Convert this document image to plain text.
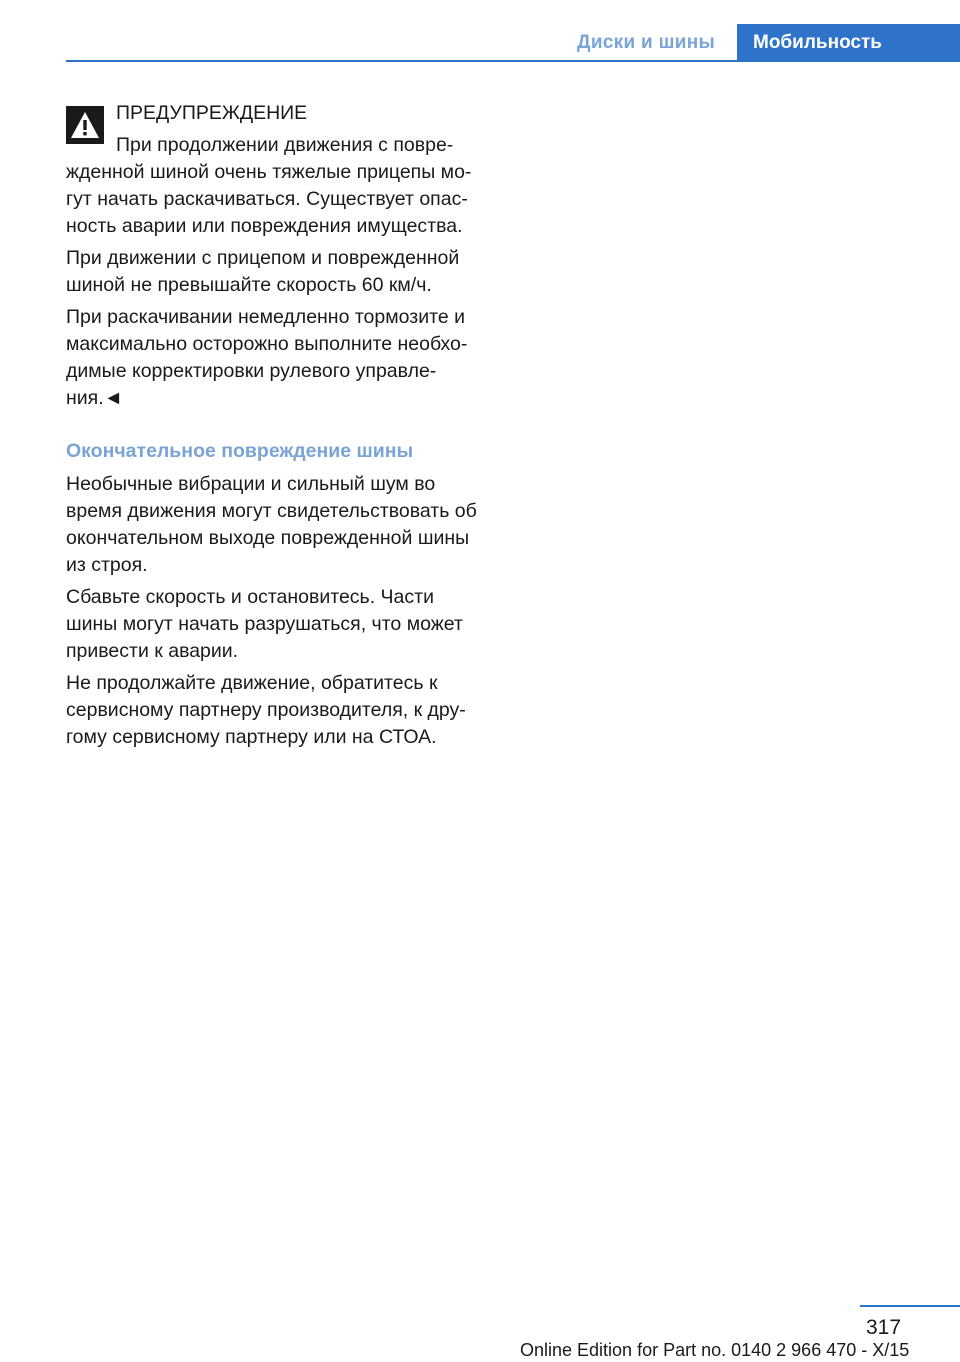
Диски и шины	Мобильность
ПРЕДУПРЕЖДЕНИЕ
При продолжении движения с повре-

жденной шиной очень тяжелые прицепы мо-гут начать раскачиваться. Существует опас-ность аварии или повреждения имущества.

При движении с прицепом и поврежденной шиной не превышайте скорость 60 км/ч.

При раскачивании немедленно тормозите и максимально осторожно выполните необхо-димые корректировки рулевого управле-ния.◄

Окончательное повреждение шины

Необычные вибрации и сильный шум во время движения могут свидетельствовать об окончательном выходе поврежденной шины из строя.

Сбавьте скорость и остановитесь. Части шины могут начать разрушаться, что может привести к аварии.

Не продолжайте движение, обратитесь к сервисному партнеру производителя, к дру-гому сервисному партнеру или на СТОА.

317
Online Edition for Part no. 0140 2 966 470 - X/15
